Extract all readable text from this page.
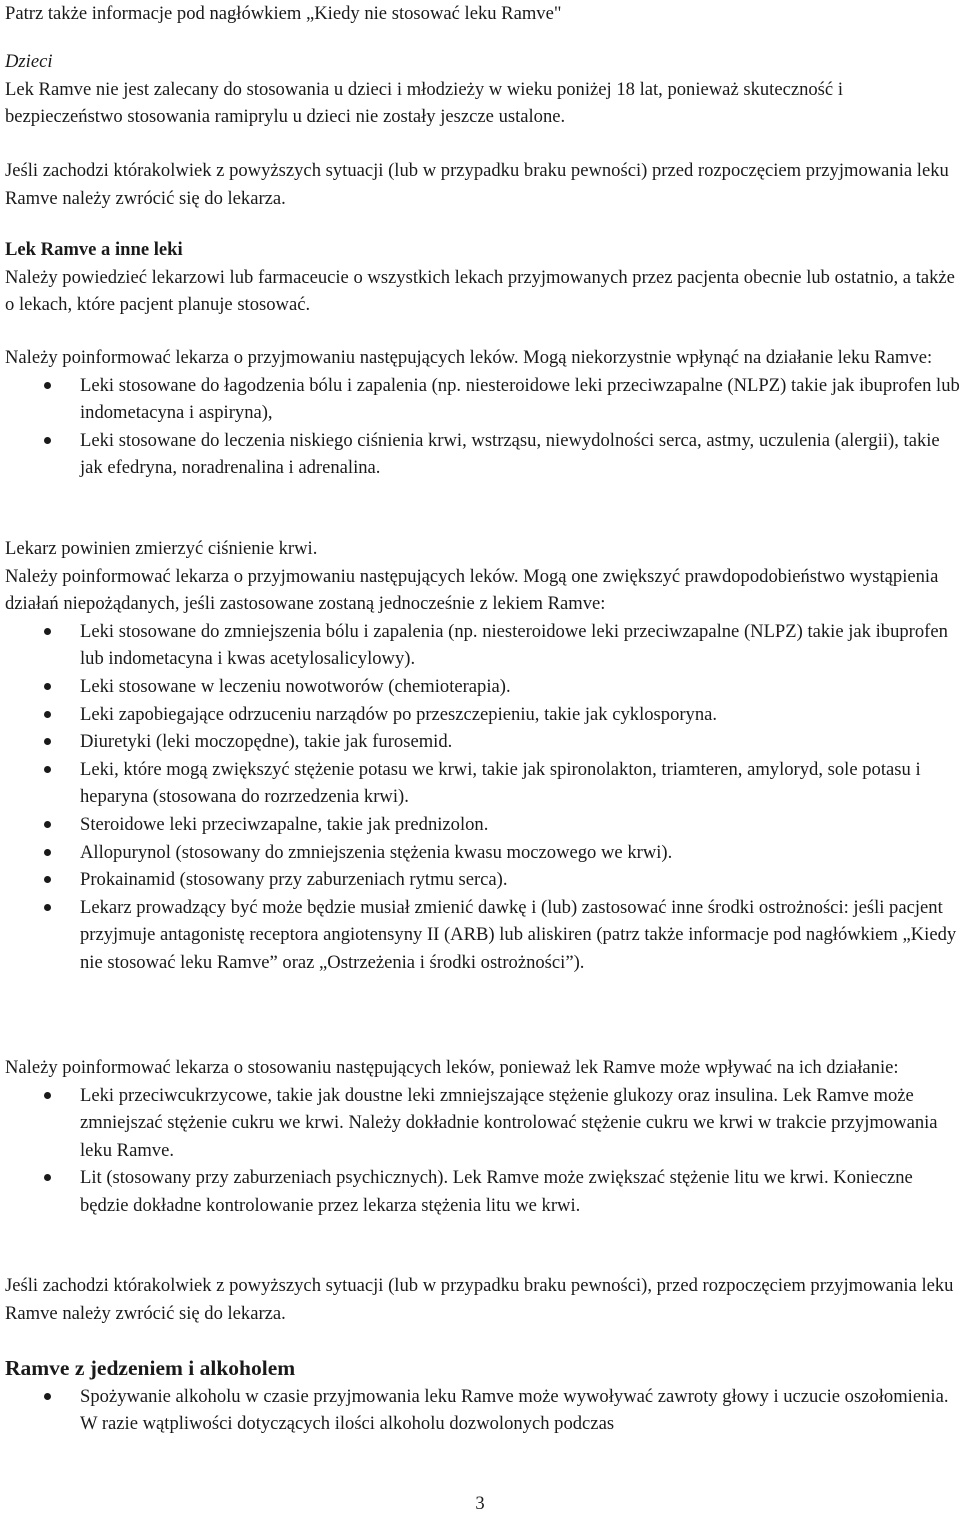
Patrz także informacje pod nagłówkiem „Kiedy nie stosować leku Ramve"

Dzieci

Lek Ramve nie jest zalecany do stosowania u dzieci i młodzieży w wieku poniżej 18 lat, ponieważ skuteczność i bezpieczeństwo stosowania ramiprylu u dzieci nie zostały jeszcze ustalone.

Jeśli zachodzi którakolwiek z powyższych sytuacji (lub w przypadku braku pewności) przed rozpoczęciem przyjmowania leku Ramve należy zwrócić się do lekarza.

Lek Ramve a inne leki

Należy powiedzieć lekarzowi lub farmaceucie o wszystkich lekach przyjmowanych przez pacjenta obecnie lub ostatnio, a także o lekach, które pacjent planuje stosować.

Należy poinformować lekarza o przyjmowaniu następujących leków. Mogą niekorzystnie wpłynąć na działanie leku Ramve:

Leki stosowane do łagodzenia bólu i zapalenia (np. niesteroidowe leki przeciwzapalne (NLPZ) takie jak ibuprofen lub indometacyna i aspiryna),
Leki stosowane do leczenia niskiego ciśnienia krwi, wstrząsu, niewydolności serca, astmy, uczulenia (alergii), takie jak efedryna, noradrenalina i adrenalina.

Lekarz powinien zmierzyć ciśnienie krwi.

Należy poinformować lekarza o przyjmowaniu następujących leków. Mogą one zwiększyć prawdopodobieństwo wystąpienia działań niepożądanych, jeśli zastosowane zostaną jednocześnie z lekiem Ramve:

Leki stosowane do zmniejszenia bólu i zapalenia (np. niesteroidowe leki przeciwzapalne (NLPZ) takie jak ibuprofen lub indometacyna i kwas acetylosalicylowy).
Leki stosowane w leczeniu nowotworów (chemioterapia).
Leki zapobiegające odrzuceniu narządów po przeszczepieniu, takie jak cyklosporyna.
Diuretyki (leki moczopędne), takie jak furosemid.
Leki, które mogą zwiększyć stężenie potasu we krwi, takie jak spironolakton, triamteren, amyloryd, sole potasu i heparyna (stosowana do rozrzedzenia krwi).
Steroidowe leki przeciwzapalne, takie jak prednizolon.
Allopurynol (stosowany do zmniejszenia stężenia kwasu moczowego we krwi).
Prokainamid (stosowany przy zaburzeniach rytmu serca).
Lekarz prowadzący być może będzie musiał zmienić dawkę i (lub) zastosować inne środki ostrożności: jeśli pacjent przyjmuje antagonistę receptora angiotensyny II (ARB) lub aliskiren (patrz także informacje pod nagłówkiem „Kiedy nie stosować leku Ramve” oraz „Ostrzeżenia i środki ostrożności”).

Należy poinformować lekarza o stosowaniu następujących leków, ponieważ lek Ramve może wpływać na ich działanie:

Leki przeciwcukrzycowe, takie jak doustne leki zmniejszające stężenie glukozy oraz insulina. Lek Ramve może zmniejszać stężenie cukru we krwi. Należy dokładnie kontrolować stężenie cukru we krwi w trakcie przyjmowania leku Ramve.
Lit (stosowany przy zaburzeniach psychicznych). Lek Ramve może zwiększać stężenie litu we krwi. Konieczne będzie dokładne kontrolowanie przez lekarza stężenia litu we krwi.

Jeśli zachodzi którakolwiek z powyższych sytuacji (lub w przypadku braku pewności), przed rozpoczęciem przyjmowania leku Ramve należy zwrócić się do lekarza.

Ramve z jedzeniem i alkoholem

Spożywanie alkoholu w czasie przyjmowania leku Ramve może wywoływać zawroty głowy i uczucie oszołomienia. W razie wątpliwości dotyczących ilości alkoholu dozwolonych podczas
3
